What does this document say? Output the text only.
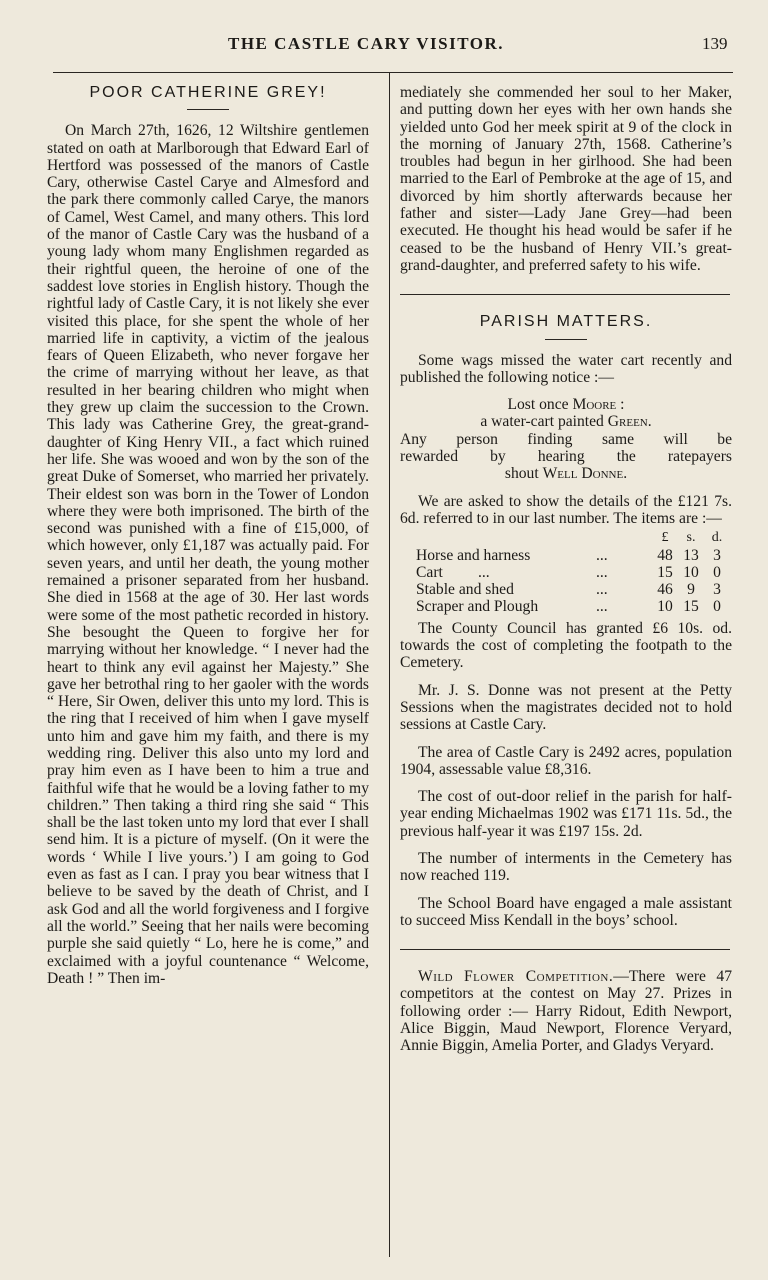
THE CASTLE CARY VISITOR.	139
POOR CATHERINE GREY!

On March 27th, 1626, 12 Wiltshire gentlemen stated on oath at Marlborough that Edward Earl of Hertford was possessed of the manors of Castle Cary, otherwise Castel Carye and Almesford and the park there commonly called Carye, the manors of Camel, West Camel, and many others. This lord of the manor of Castle Cary was the husband of a young lady whom many Englishmen regarded as their rightful queen, the heroine of one of the saddest love stories in English history. Though the rightful lady of Castle Cary, it is not likely she ever visited this place, for she spent the whole of her married life in captivity, a victim of the jealous fears of Queen Elizabeth, who never forgave her the crime of marrying without her leave, as that resulted in her bearing children who might when they grew up claim the succession to the Crown. This lady was Catherine Grey, the great-grand-daughter of King Henry VII., a fact which ruined her life. She was wooed and won by the son of the great Duke of Somerset, who married her privately. Their eldest son was born in the Tower of London where they were both imprisoned. The birth of the second was punished with a fine of £15,000, of which however, only £1,187 was actually paid. For seven years, and until her death, the young mother remained a prisoner separated from her husband. She died in 1568 at the age of 30. Her last words were some of the most pathetic recorded in history. She besought the Queen to forgive her for marrying without her knowledge. “ I never had the heart to think any evil against her Majesty.” She gave her betrothal ring to her gaoler with the words “ Here, Sir Owen, deliver this unto my lord. This is the ring that I received of him when I gave myself unto him and gave him my faith, and there is my wedding ring. Deliver this also unto my lord and pray him even as I have been to him a true and faithful wife that he would be a loving father to my children.” Then taking a third ring she said “ This shall be the last token unto my lord that ever I shall send him. It is a picture of myself. (On it were the words ‘ While I live yours.’) I am going to God even as fast as I can. I pray you bear witness that I believe to be saved by the death of Christ, and I ask God and all the world forgiveness and I forgive all the world.” Seeing that her nails were becoming purple she said quietly “ Lo, here he is come,” and exclaimed with a joyful countenance “ Welcome, Death ! ” Then im-

mediately she commended her soul to her Maker, and putting down her eyes with her own hands she yielded unto God her meek spirit at 9 of the clock in the morning of January 27th, 1568. Catherine’s troubles had begun in her girlhood. She had been married to the Earl of Pembroke at the age of 15, and divorced by him shortly afterwards because her father and sister—Lady Jane Grey—had been executed. He thought his head would be safer if he ceased to be the husband of Henry VII.’s great-grand-daughter, and preferred safety to his wife.

PARISH MATTERS.

Some wags missed the water cart recently and published the following notice :—

Lost once Moore :

a water-cart painted Green.

Any person finding same will be

rewarded by hearing the ratepayers

shout Well Donne.

We are asked to show the details of the £121 7s. 6d. referred to in our last number. The items are :—

		£	s.	d.
Horse and harness	...	48	13	3
Cart ...	...	15	10	0
Stable and shed	...	46	9	3
Scraper and Plough	...	10	15	0

The County Council has granted £6 10s. od. towards the cost of completing the footpath to the Cemetery.

Mr. J. S. Donne was not present at the Petty Sessions when the magistrates decided not to hold sessions at Castle Cary.

The area of Castle Cary is 2492 acres, population 1904, assessable value £8,316.

The cost of out-door relief in the parish for half-year ending Michaelmas 1902 was £171 11s. 5d., the previous half-year it was £197 15s. 2d.

The number of interments in the Cemetery has now reached 119.

The School Board have engaged a male assistant to succeed Miss Kendall in the boys’ school.

Wild Flower Competition.—There were 47 competitors at the contest on May 27. Prizes in following order :— Harry Ridout, Edith Newport, Alice Biggin, Maud Newport, Florence Veryard, Annie Biggin, Amelia Porter, and Gladys Veryard.
